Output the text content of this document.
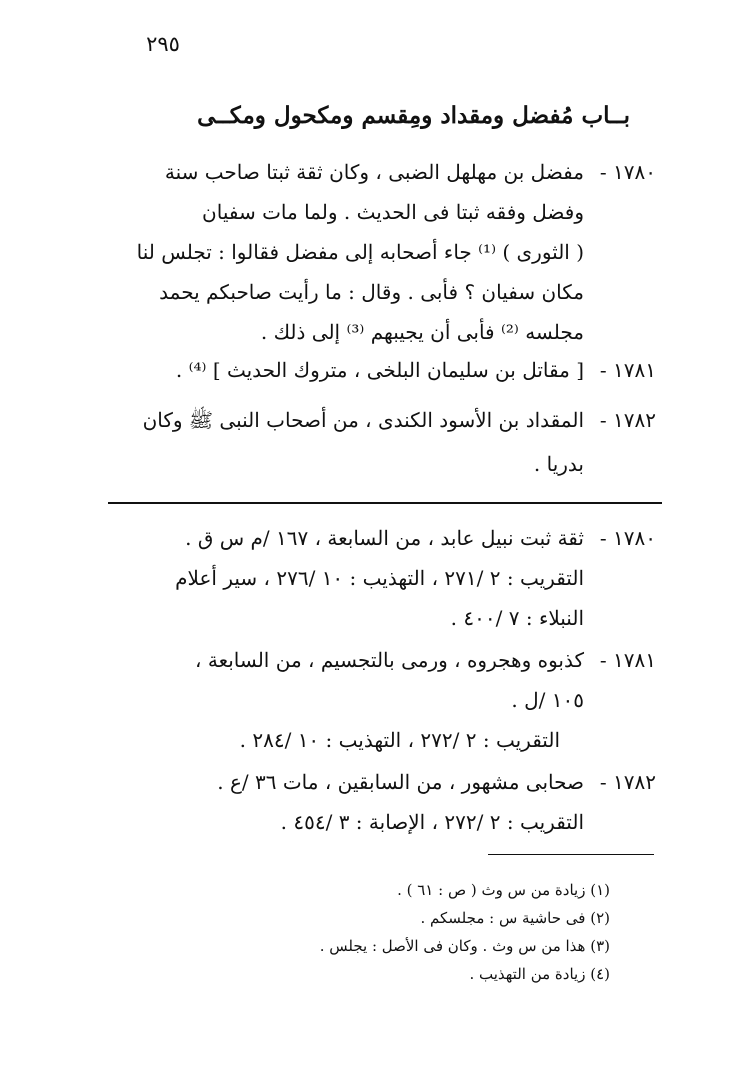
٢٩٥
بــاب مُفضل ومقداد ومِقسم ومكحول ومكــى
١٧٨٠ -
مفضل بن مهلهل الضبى ، وكان ثقة ثبتا صاحب سنة
وفضل وفقه ثبتا فى الحديث . ولما مات سفيان
( الثورى ) ⁽¹⁾ جاء أصحابه إلى مفضل فقالوا : تجلس لنا
مكان سفيان ؟ فأبى . وقال : ما رأيت صاحبكم يحمد
مجلسه ⁽²⁾ فأبى أن يجيبهم ⁽³⁾ إلى ذلك .
١٧٨١ -
[ مقاتل بن سليمان البلخى ، متروك الحديث ] ⁽⁴⁾ .
١٧٨٢ -
المقداد بن الأسود الكندى ، من أصحاب النبى ﷺ وكان
بدريا .
١٧٨٠ -
ثقة ثبت نبيل عابد ، من السابعة ، ١٦٧ /م س ق .
التقريب : ٢ /٢٧١ ، التهذيب : ١٠ /٢٧٦ ، سير أعلام
النبلاء : ٧ /٤٠٠ .
١٧٨١ -
كذبوه وهجروه ، ورمى بالتجسيم ، من السابعة ،
١٠٥ /ل .
التقريب : ٢ /٢٧٢ ، التهذيب : ١٠ /٢٨٤ .
١٧٨٢ -
صحابى مشهور ، من السابقين ، مات ٣٦ /ع .
التقريب : ٢ /٢٧٢ ، الإصابة : ٣ /٤٥٤ .
(١) زيادة من س وث ( ص : ٦١ ) .
(٢) فى حاشية س : مجلسكم .
(٣) هذا من س وث . وكان فى الأصل : يجلس .
(٤) زيادة من التهذيب .
